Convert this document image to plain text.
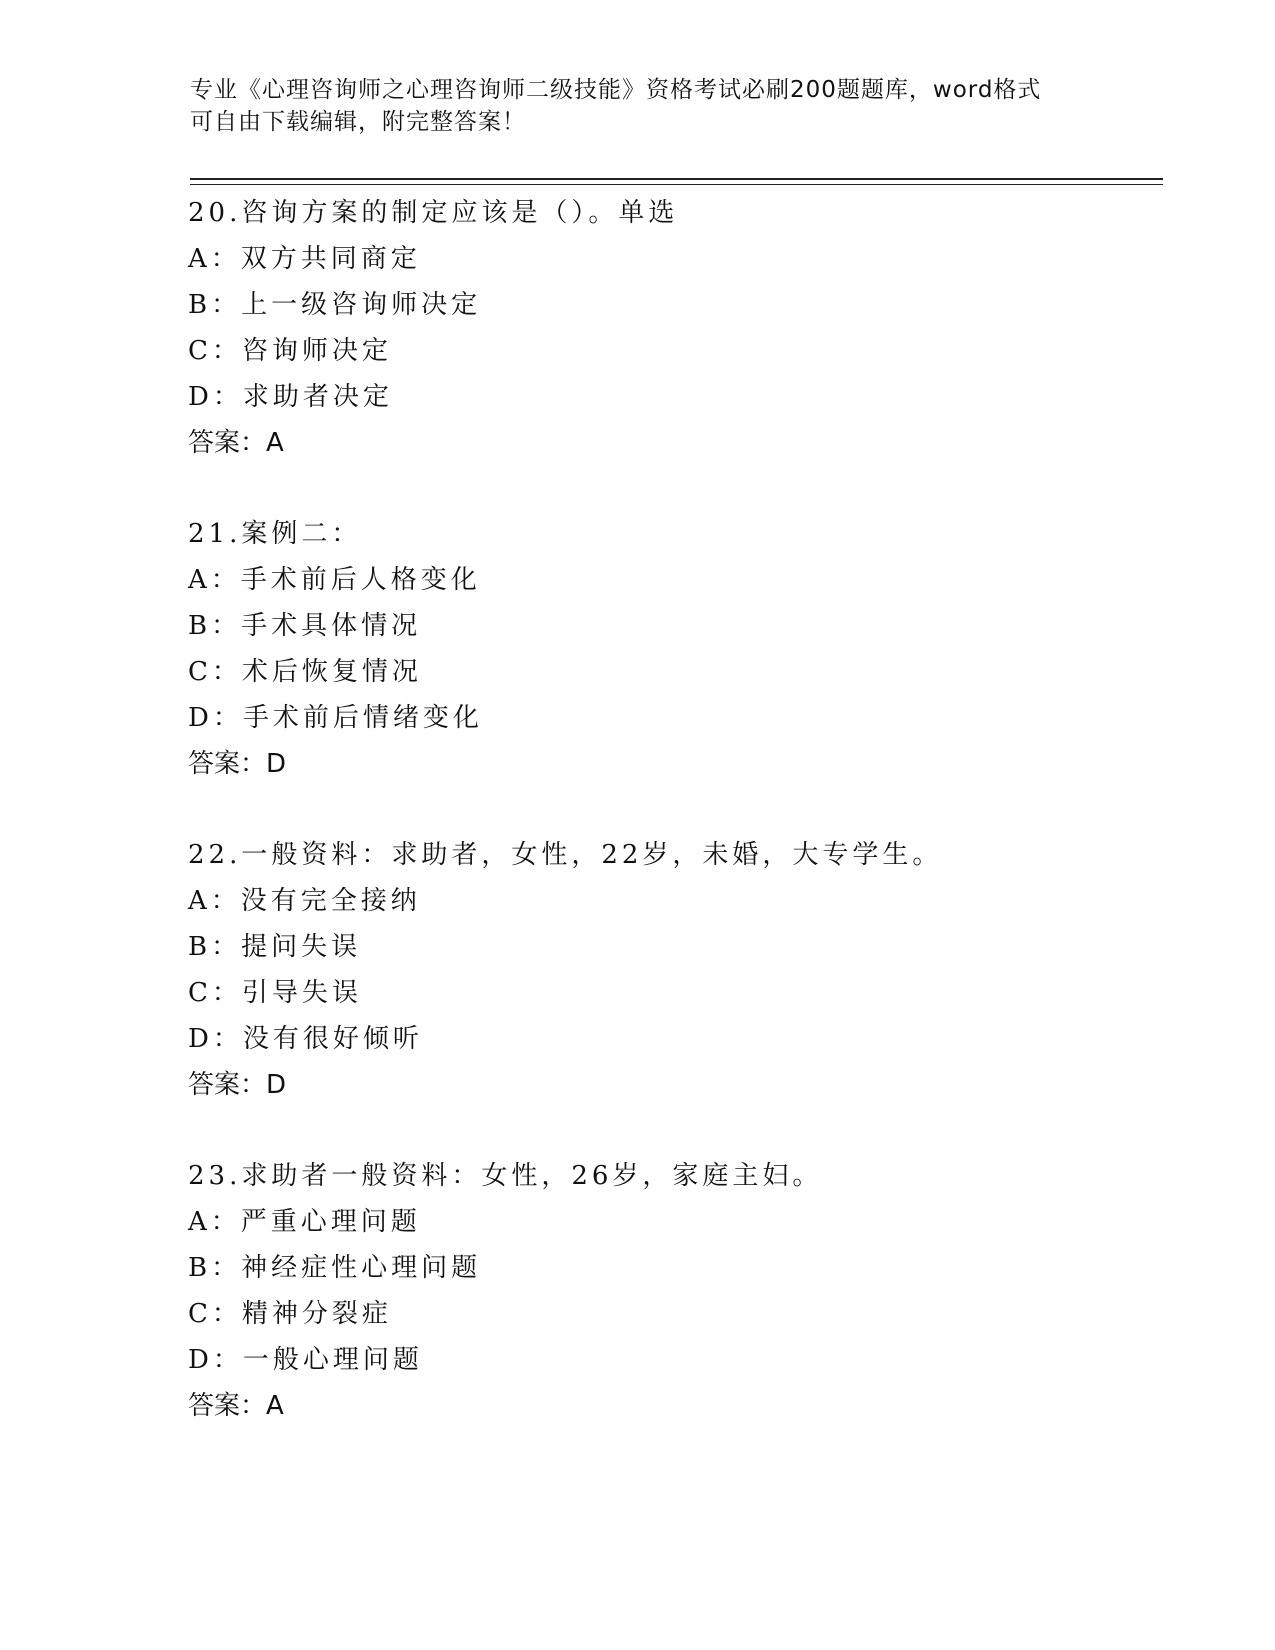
专业《心理咨询师之心理咨询师二级技能》资格考试必刷200题题库，word格式
可自由下载编辑，附完整答案！
20.咨询方案的制定应该是（）。单选
A：双方共同商定
B：上一级咨询师决定
C：咨询师决定
D：求助者决定
答案：A
21.案例二：
A：手术前后人格变化
B：手术具体情况
C：术后恢复情况
D：手术前后情绪变化
答案：D
22.一般资料：求助者，女性，22岁，未婚，大专学生。
A：没有完全接纳
B：提问失误
C：引导失误
D：没有很好倾听
答案：D
23.求助者一般资料：女性，26岁，家庭主妇。
A：严重心理问题
B：神经症性心理问题
C：精神分裂症
D：一般心理问题
答案：A
